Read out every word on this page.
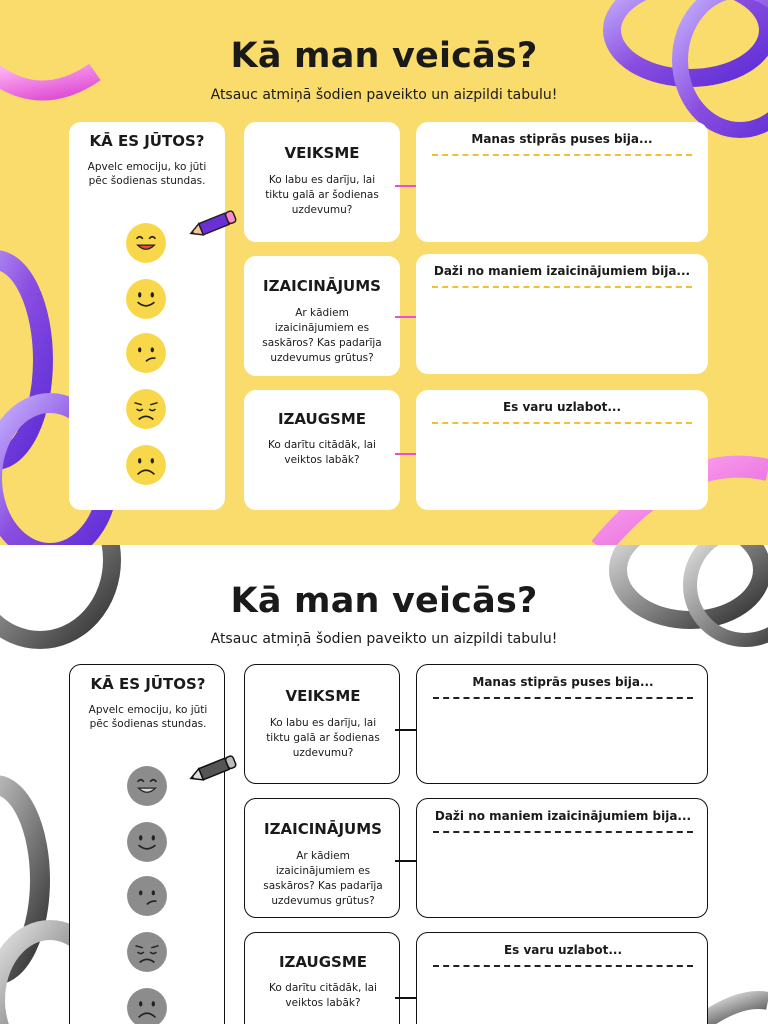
Kā man veicās?

Atsauc atmiņā šodien paveikto un aizpildi tabulu!

KĀ ES JŪTOS?
Apvelc emociju, ko jūti pēc šodienas stundas.
VEIKSME
Ko labu es darīju, lai tiktu galā ar šodienas uzdevumu?
Manas stiprās puses bija...
IZAICINĀJUMS
Ar kādiem izaicinājumiem es saskāros? Kas padarīja uzdevumus grūtus?
Daži no maniem izaicinājumiem bija...
IZAUGSME
Ko darītu citādāk, lai veiktos labāk?
Es varu uzlabot...
Kā man veicās?

Atsauc atmiņā šodien paveikto un aizpildi tabulu!

KĀ ES JŪTOS?
Apvelc emociju, ko jūti pēc šodienas stundas.
VEIKSME
Ko labu es darīju, lai tiktu galā ar šodienas uzdevumu?
Manas stiprās puses bija...
IZAICINĀJUMS
Ar kādiem izaicinājumiem es saskāros? Kas padarīja uzdevumus grūtus?
Daži no maniem izaicinājumiem bija...
IZAUGSME
Ko darītu citādāk, lai veiktos labāk?
Es varu uzlabot...
